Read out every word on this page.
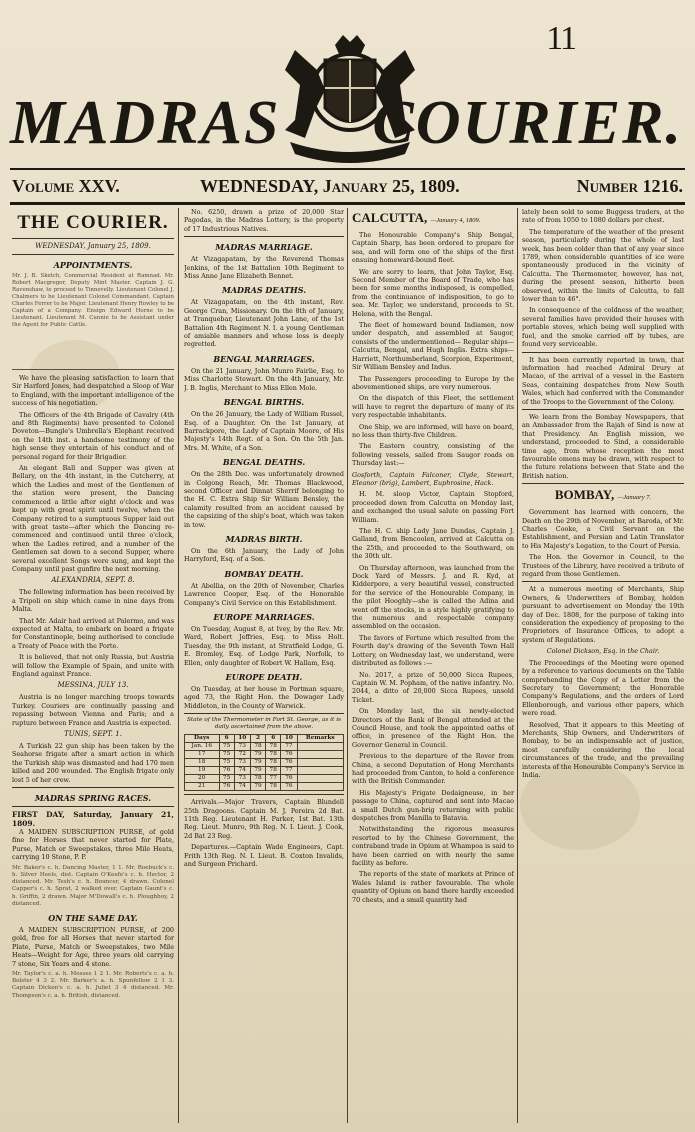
11
MADRAS COURIER.
Volume XXV.	WEDNESDAY, January 25, 1809.	Number 1216.
THE COURIER.
WEDNESDAY, January 25, 1809.
APPOINTMENTS.
Mr. J. B. Sketch, Commercial Resident at Ramnad. Mr. Robert Macgregor, Deputy Mint Master. Captain J. G. Ravenshaw, to proceed to Tinnevelly. Lieutenant Colonel J. Chalmers to be Lieutenant Colonel Commandant. Captain Charles Ferrer to be Major. Lieutenant Henry Rowley to be Captain of a Company. Ensign Edward Horne to be Lieutenant. Lieutenant M. Cunnie to be Assistant under the Agent for Public Cattle.

We have the pleasing satisfaction to learn that Sir Harford Jones, had despatched a Sloop of War to England, with the important intelligence of the success of his negotiation.

The Officers of the 4th Brigade of Cavalry (4th and 8th Regiments) have presented to Colonel Doveton—Bungle's Umbrella's Elephant received on the 14th inst. a handsome testimony of the high sense they entertain of his conduct and of personal regard for their Brigadier.

An elegant Ball and Supper was given at Bellary, on the 4th instant, in the Cutcherry, at which the Ladies and most of the Gentlemen of the station were present, the Dancing commenced a little after eight o'clock and was kept up with great spirit until twelve, when the Company retired to a sumptuous Supper laid out with great taste—after which the Dancing re-commenced and continued until three o'clock, when the Ladies retired, and a number of the Gentlemen sat down to a second Supper, where several excellent Songs were sung, and kept the Company until past gunfire the next morning.

ALEXANDRIA, SEPT. 8.

The following information has been received by a Tripoli on ship which came in nine days from Malta.

That Mr. Adair had arrived at Palermo, and was expected at Malta, to embark on board a frigate for Constantinople, being authorised to conclude a Treaty of Peace with the Porte.

It is believed, that not only Russia, but Austria will follow the Example of Spain, and unite with England against France.

MESSINA, JULY 13.

Austria is no longer marching troops towards Turkey. Couriers are continually passing and repassing between Vienna and Paris; and a rupture between France and Austria is expected.

TUNIS, SEPT. 1.

A Turkish 22 gun ship has been taken by the Seahorse frigate after a smart action in which the Turkish ship was dismasted and had 170 men killed and 200 wounded. The English frigate only lost 5 of her crew.

MADRAS SPRING RACES.
FIRST DAY, Saturday, January 21, 1809.

A MAIDEN SUBSCRIPTION PURSE, of gold fine for Horses that never started for Plate, Purse, Match or Sweepstakes, three Mile Heats, carrying 10 Stone, P. P.

Mr. Baker's c. h. Dancing Master, 1 1. Mr. Roebuck's c. h. Silver Heels, dist. Captain O'Keefe's c. h. Hector, 2 distanced. Mr. Tesh's c. h. Bouncer, 4 drawn. Colonel Capper's c. h. Sprat, 2 walked over. Captain Gaunt's c. h. Griffin, 2 drawn. Major M'Dowall's c. h. Ploughboy, 2 distanced.
ON THE SAME DAY.

A MAIDEN SUBSCRIPTION PURSE, of 200 gold, free for all Horses that never started for Plate, Purse, Match or Sweepstakes, two Mile Heats—Weight for Age, three years old carrying 7 stone, Six Years and 4 stone.

Mr. Taylor's c. a. h. Mosses 1 2 1. Mr. Roberts's c. a. h. Bolster 4 3 2. Mr. Barker's a. h. Spunfellow 2 1 3. Captain Dicken's c. a. h. Juliet 3 4 distanced. Mr. Thompson's c. a. h. British, distanced.

No. 6250, drawn a prize of 20,000 Star Pagodas, in the Madras Lottery, is the property of 17 Industrious Natives.

MADRAS MARRIAGE.

At Vizagapatam, by the Reverend Thomas Jenkins, of the 1st Battalion 10th Regiment to Miss Anne Jane Elizabeth Bennet.

MADRAS DEATHS.

At Vizagapatam, on the 4th instant, Rev. George Cran, Missionary. On the 8th of January, at Tranquebar, Lieutenant John Lane, of the 1st Battalion 4th Regiment N. I. a young Gentleman of amiable manners and whose loss is deeply regretted.

BENGAL MARRIAGES.

On the 21 January, John Munro Fairlie, Esq. to Miss Charlotte Stewart. On the 4th January, Mr. J. B. Inglis, Merchant to Miss Ellen Mole.

BENGAL BIRTHS.

On the 26 January, the Lady of William Russel, Esq. of a Daughter. On the 1st January, at Barrackpore, the Lady of Captain Moore, of His Majesty's 14th Regt. of a Son. On the 5th Jan. Mrs. M. White, of a Son.

BENGAL DEATHS.

On the 28th Dec. was unfortunately drowned in Colgong Reach, Mr. Thomas Blackwood, second Officer and Dinnat Sherrif belonging to the H. C. Extra Ship Sir William Bensley, the calamity resulted from an accident caused by the capsizing of the ship's boat, which was taken in tow.

MADRAS BIRTH.

On the 6th January, the Lady of John Harryford, Esq. of a Son.

BOMBAY DEATH.

At Abellia, on the 20th of November, Charles Lawrence Cooper, Esq. of the Honorable Company's Civil Service on this Establishment.

EUROPE MARRIAGES.

On Tuesday, August 8, at Ivey, by the Rev. Mr. Ward, Robert Jeffries, Esq. to Miss Holt. Tuesday, the 9th instant, at Stratfield Lodge, G. E. Bromley, Esq. of Lodge Park, Norfolk, to Ellen, only daughter of Robert W. Hallam, Esq.

EUROPE DEATH.

On Tuesday, at her house in Portman square, aged 73, the Right Hon. the Dowager Lady Middleton, in the County of Warwick.

State of the Thermometer in Fort St. George, as it is daily ascertained from the above.
Days	6	10	2	6	10	Remarks
Jan. 16	75	73	78	78	77	
17	75	72	79	78	76	
18	75	73	79	78	76	
19	76	74	79	78	77	
20	75	73	78	77	76	
21	76	74	79	78	76	

Arrivals.—Major Travers, Captain Blundell 25th Dragoons. Captain M. J. Pereira 2d Bat. 11th Reg. Lieutenant H. Parker, 1st Bat. 13th Reg. Lieut. Munro, 9th Reg. N. I. Lieut. J. Cook, 2d Bat 23 Reg.

Departures.—Captain Wade Engineers, Capt. Frith 13th Reg. N. I. Lieut. B. Coxton Invalids, and Surgeon Prichard.

CALCUTTA, —January 4, 1809.

The Honourable Company's Ship Bengal, Captain Sharp, has been ordered to prepare for sea, and will form one of the ships of the first ensuing homeward-bound fleet.

We are sorry to learn, that John Taylor, Esq. Second Member of the Board of Trade, who has been for some months indisposed, is compelled, from the continuance of indisposition, to go to sea. Mr. Taylor, we understand, proceeds to St. Helena, with the Bengal.

The fleet of homeward bound Indiamen, now under despatch, and assembled at Saugor, consists of the undermentioned— Regular ships—Calcutta, Bengal, and Hugh Inglis. Extra ships—Harriett, Northumberland, Scorpion, Experiment, Sir William Bensley and Indus.

The Passengers proceeding to Europe by the abovementioned ships, are very numerous.

On the dispatch of this Fleet, the settlement will have to regret the departure of many of its very respectable inhabitants.

One Ship, we are informed, will have on board, no less than thirty-five Children.

The Eastern country, consisting of the following vessels, sailed from Saugor roads on Thursday last:—

Gosforth, Captain Falconer, Clyde, Stewart, Eleanor (brig), Lambert, Euphrosine, Hack.

H. M. sloop Victor, Captain Stopford, proceeded down from Calcutta on Monday last, and exchanged the usual salute on passing Fort William.

The H. C. ship Lady Jane Dundas, Captain J. Galland, from Bencoolen, arrived at Calcutta on the 25th, and proceeded to the Southward, on the 30th ult.

On Thursday afternoon, was launched from the Dock Yard of Messrs. J. and R. Kyd, at Kidderpore, a very beautiful vessel, constructed for the service of the Honourable Company, in the pilot Hooghly—she is called the Adina and went off the stocks, in a style highly gratifying to the numerous and respectable company assembled on the occasion.

The favors of Fortune which resulted from the Fourth day's drawing of the Seventh Town Hall Lottery, on Wednesday last, we understand, were distributed as follows :—

No. 2017, a prize of 50,000 Sicca Rupees, Captain W. M. Popham, of the native infantry. No. 2044, a ditto of 20,000 Sicca Rupees, unsold Ticket.

On Monday last, the six newly-elected Directors of the Bank of Bengal attended at the Council House, and took the appointed oaths of office, in presence of the Right Hon. the Governor General in Council.

Previous to the departure of the Rover from China, a second Deputation of Hong Merchants had proceeded from Canton, to hold a conference with the British Commander.

His Majesty's Frigate Dedaigneuse, in her passage to China, captured and sent into Macao a small Dutch gun-brig returning with public despatches from Manilla to Batavia.

Notwithstanding the rigorous measures resorted to by the Chinese Government, the contraband trade in Opium at Whampoa is said to have been carried on with nearly the same facility as before.

The reports of the state of markets at Prince of Wales Island is rather favourable. The whole quantity of Opium on hand there hardly exceeded 70 chests, and a small quantity had

lately been sold to some Buggess traders, at the rate of from 1050 to 1080 dollars per chest.

The temperature of the weather of the present season, particularly during the whole of last week, has been colder than that of any year since 1789, when considerable quantities of ice were spontaneously produced in the vicinity of Calcutta. The Thermometer, however, has not, during the present season, hitherto been observed, within the limits of Calcutta, to fall lower than to 46°.

In consequence of the coldness of the weather, several families have provided their houses with portable stoves, which being well supplied with fuel, and the smoke carried off by tubes, are found very serviceable.

It has been currently reported in town, that information had reached Admiral Drury at Macao, of the arrival of a vessel in the Eastern Seas, containing despatches from New South Wales, which had conferred with the Commander of the Troops to the Government of the Colony.

We learn from the Bombay Newspapers, that an Ambassador from the Rajah of Sind is now at that Presidency. An English mission, we understand, proceeded to Sind, a considerable time ago, from whose reception the most favourable omens may be drawn, with respect to the future relations between that State and the British nation.

BOMBAY, —January 7.

Government has learned with concern, the Death on the 29th of November, at Baroda, of Mr. Charles Cooke, a Civil Servant on the Establishment, and Persian and Latin Translator to His Majesty's Legation, to the Court of Persia.

The Hon. the Governor in Council, to the Trustees of the Library, have received a tribute of regard from those Gentlemen.

At a numerous meeting of Merchants, Ship Owners, & Underwriters of Bombay, holden pursuant to advertisement on Monday the 19th day of Dec. 1808, for the purpose of taking into consideration the expediency of proposing to the Proprietors of Insurance Offices, to adopt a system of Regulations.

Colonel Dickson, Esq. in the Chair.

The Proceedings of the Meeting were opened by a reference to various documents on the Table comprehending the Copy of a Letter from the Secretary to Government; the Honorable Company's Regulations, and the orders of Lord Ellenborough, and various other papers, which were read.

Resolved, That it appears to this Meeting of Merchants, Ship Owners, and Underwriters of Bombay, to be an indispensable act of justice, most carefully considering the local circumstances of the trade, and the prevailing interests of the Honourable Company's Service in India.
